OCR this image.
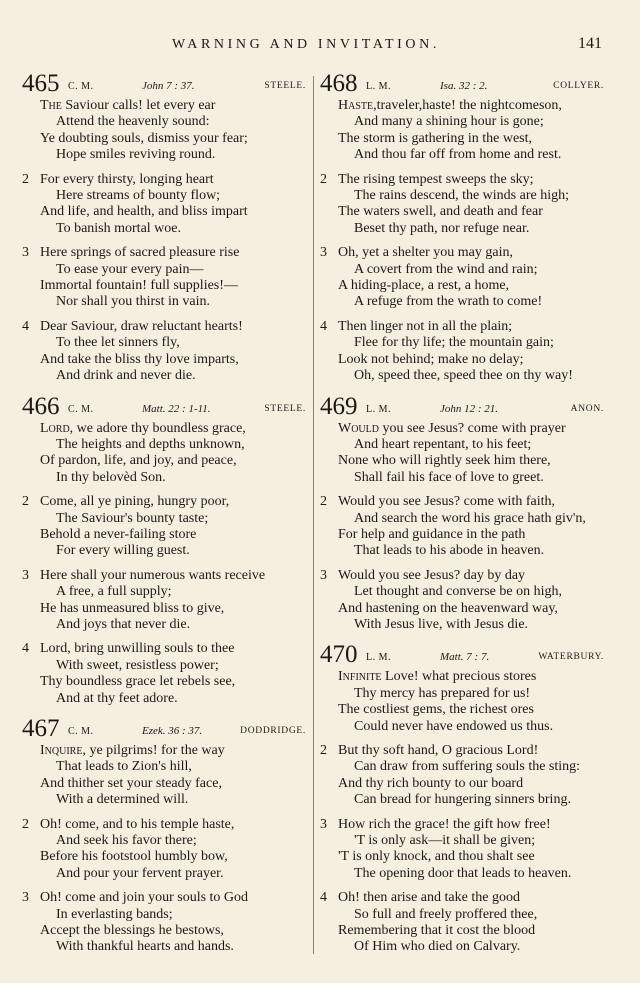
WARNING AND INVITATION.	141
465 C. M.	John 7 : 37.	STEELE.
The Saviour calls! let every ear
Attend the heavenly sound:
Ye doubting souls, dismiss your fear;
Hope smiles reviving round.
2 For every thirsty, longing heart
Here streams of bounty flow;
And life, and health, and bliss impart
To banish mortal woe.
3 Here springs of sacred pleasure rise
To ease your every pain—
Immortal fountain! full supplies!—
Nor shall you thirst in vain.
4 Dear Saviour, draw reluctant hearts!
To thee let sinners fly,
And take the bliss thy love imparts,
And drink and never die.
466 C. M.	Matt. 22 : 1-11.	STEELE.
Lord, we adore thy boundless grace,
The heights and depths unknown,
Of pardon, life, and joy, and peace,
In thy belovèd Son.
2 Come, all ye pining, hungry poor,
The Saviour's bounty taste;
Behold a never-failing store
For every willing guest.
3 Here shall your numerous wants receive
A free, a full supply;
He has unmeasured bliss to give,
And joys that never die.
4 Lord, bring unwilling souls to thee
With sweet, resistless power;
Thy boundless grace let rebels see,
And at thy feet adore.
467 C. M.	Ezek. 36 : 37.	DODDRIDGE.
Inquire, ye pilgrims! for the way
That leads to Zion's hill,
And thither set your steady face,
With a determined will.
2 Oh! come, and to his temple haste,
And seek his favor there;
Before his footstool humbly bow,
And pour your fervent prayer.
3 Oh! come and join your souls to God
In everlasting bands;
Accept the blessings he bestows,
With thankful hearts and hands.
468 L. M.	Isa. 32 : 2.	COLLYER.
Haste,traveler,haste! the nightcomeson,
And many a shining hour is gone;
The storm is gathering in the west,
And thou far off from home and rest.
2 The rising tempest sweeps the sky;
The rains descend, the winds are high;
The waters swell, and death and fear
Beset thy path, nor refuge near.
3 Oh, yet a shelter you may gain,
A covert from the wind and rain;
A hiding-place, a rest, a home,
A refuge from the wrath to come!
4 Then linger not in all the plain;
Flee for thy life; the mountain gain;
Look not behind; make no delay;
Oh, speed thee, speed thee on thy way!
469 L. M.	John 12 : 21.	ANON.
Would you see Jesus? come with prayer
And heart repentant, to his feet;
None who will rightly seek him there,
Shall fail his face of love to greet.
2 Would you see Jesus? come with faith,
And search the word his grace hath giv'n,
For help and guidance in the path
That leads to his abode in heaven.
3 Would you see Jesus? day by day
Let thought and converse be on high,
And hastening on the heavenward way,
With Jesus live, with Jesus die.
470 L. M.	Matt. 7 : 7.	WATERBURY.
Infinite Love! what precious stores
Thy mercy has prepared for us!
The costliest gems, the richest ores
Could never have endowed us thus.
2 But thy soft hand, O gracious Lord!
Can draw from suffering souls the sting:
And thy rich bounty to our board
Can bread for hungering sinners bring.
3 How rich the grace! the gift how free!
'T is only ask—it shall be given;
'T is only knock, and thou shalt see
The opening door that leads to heaven.
4 Oh! then arise and take the good
So full and freely proffered thee,
Remembering that it cost the blood
Of Him who died on Calvary.
